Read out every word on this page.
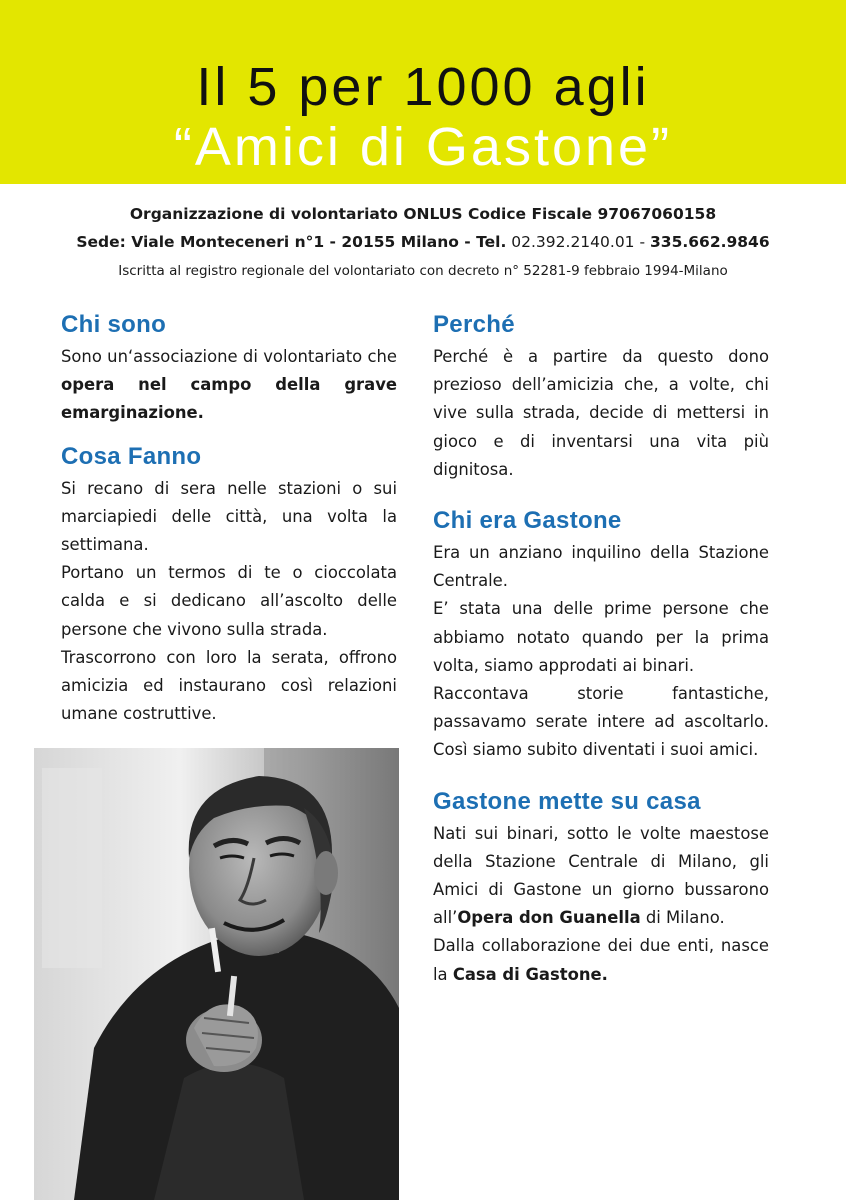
Il 5 per 1000 agli
“Amici di Gastone”
Organizzazione di volontariato ONLUS Codice Fiscale 97067060158
Sede: Viale Monteceneri n°1 - 20155 Milano - Tel. 02.392.2140.01 - 335.662.9846
Iscritta al registro regionale del volontariato con decreto n° 52281-9 febbraio 1994-Milano
Chi sono

Sono un‘associazione di volontariato che opera nel campo della grave emarginazione.

Cosa Fanno

Si recano di sera nelle stazioni o sui marciapiedi delle città, una volta la settimana.

Portano un termos di te o cioccolata calda e si dedicano all’ascolto delle persone che vivono sulla strada.

Trascorrono con loro la serata, offrono amicizia ed instaurano così relazioni umane costruttive.

Perché

Perché è a partire da questo dono prezioso dell’amicizia che, a volte, chi vive sulla strada, decide di mettersi in gioco e di inventarsi una vita più dignitosa.

Chi era Gastone

Era un anziano inquilino della Stazione Centrale.

E’ stata una delle prime persone che abbiamo notato quando per la prima volta, siamo approdati ai binari.

Raccontava storie fantastiche, passavamo serate intere ad ascoltarlo. Così siamo subito diventati i suoi amici.

Gastone mette su casa

Nati sui binari, sotto le volte maestose della Stazione Centrale di Milano, gli Amici di Gastone un giorno bussarono all’Opera don Guanella di Milano.

Dalla collaborazione dei due enti, nasce la Casa di Gastone.
